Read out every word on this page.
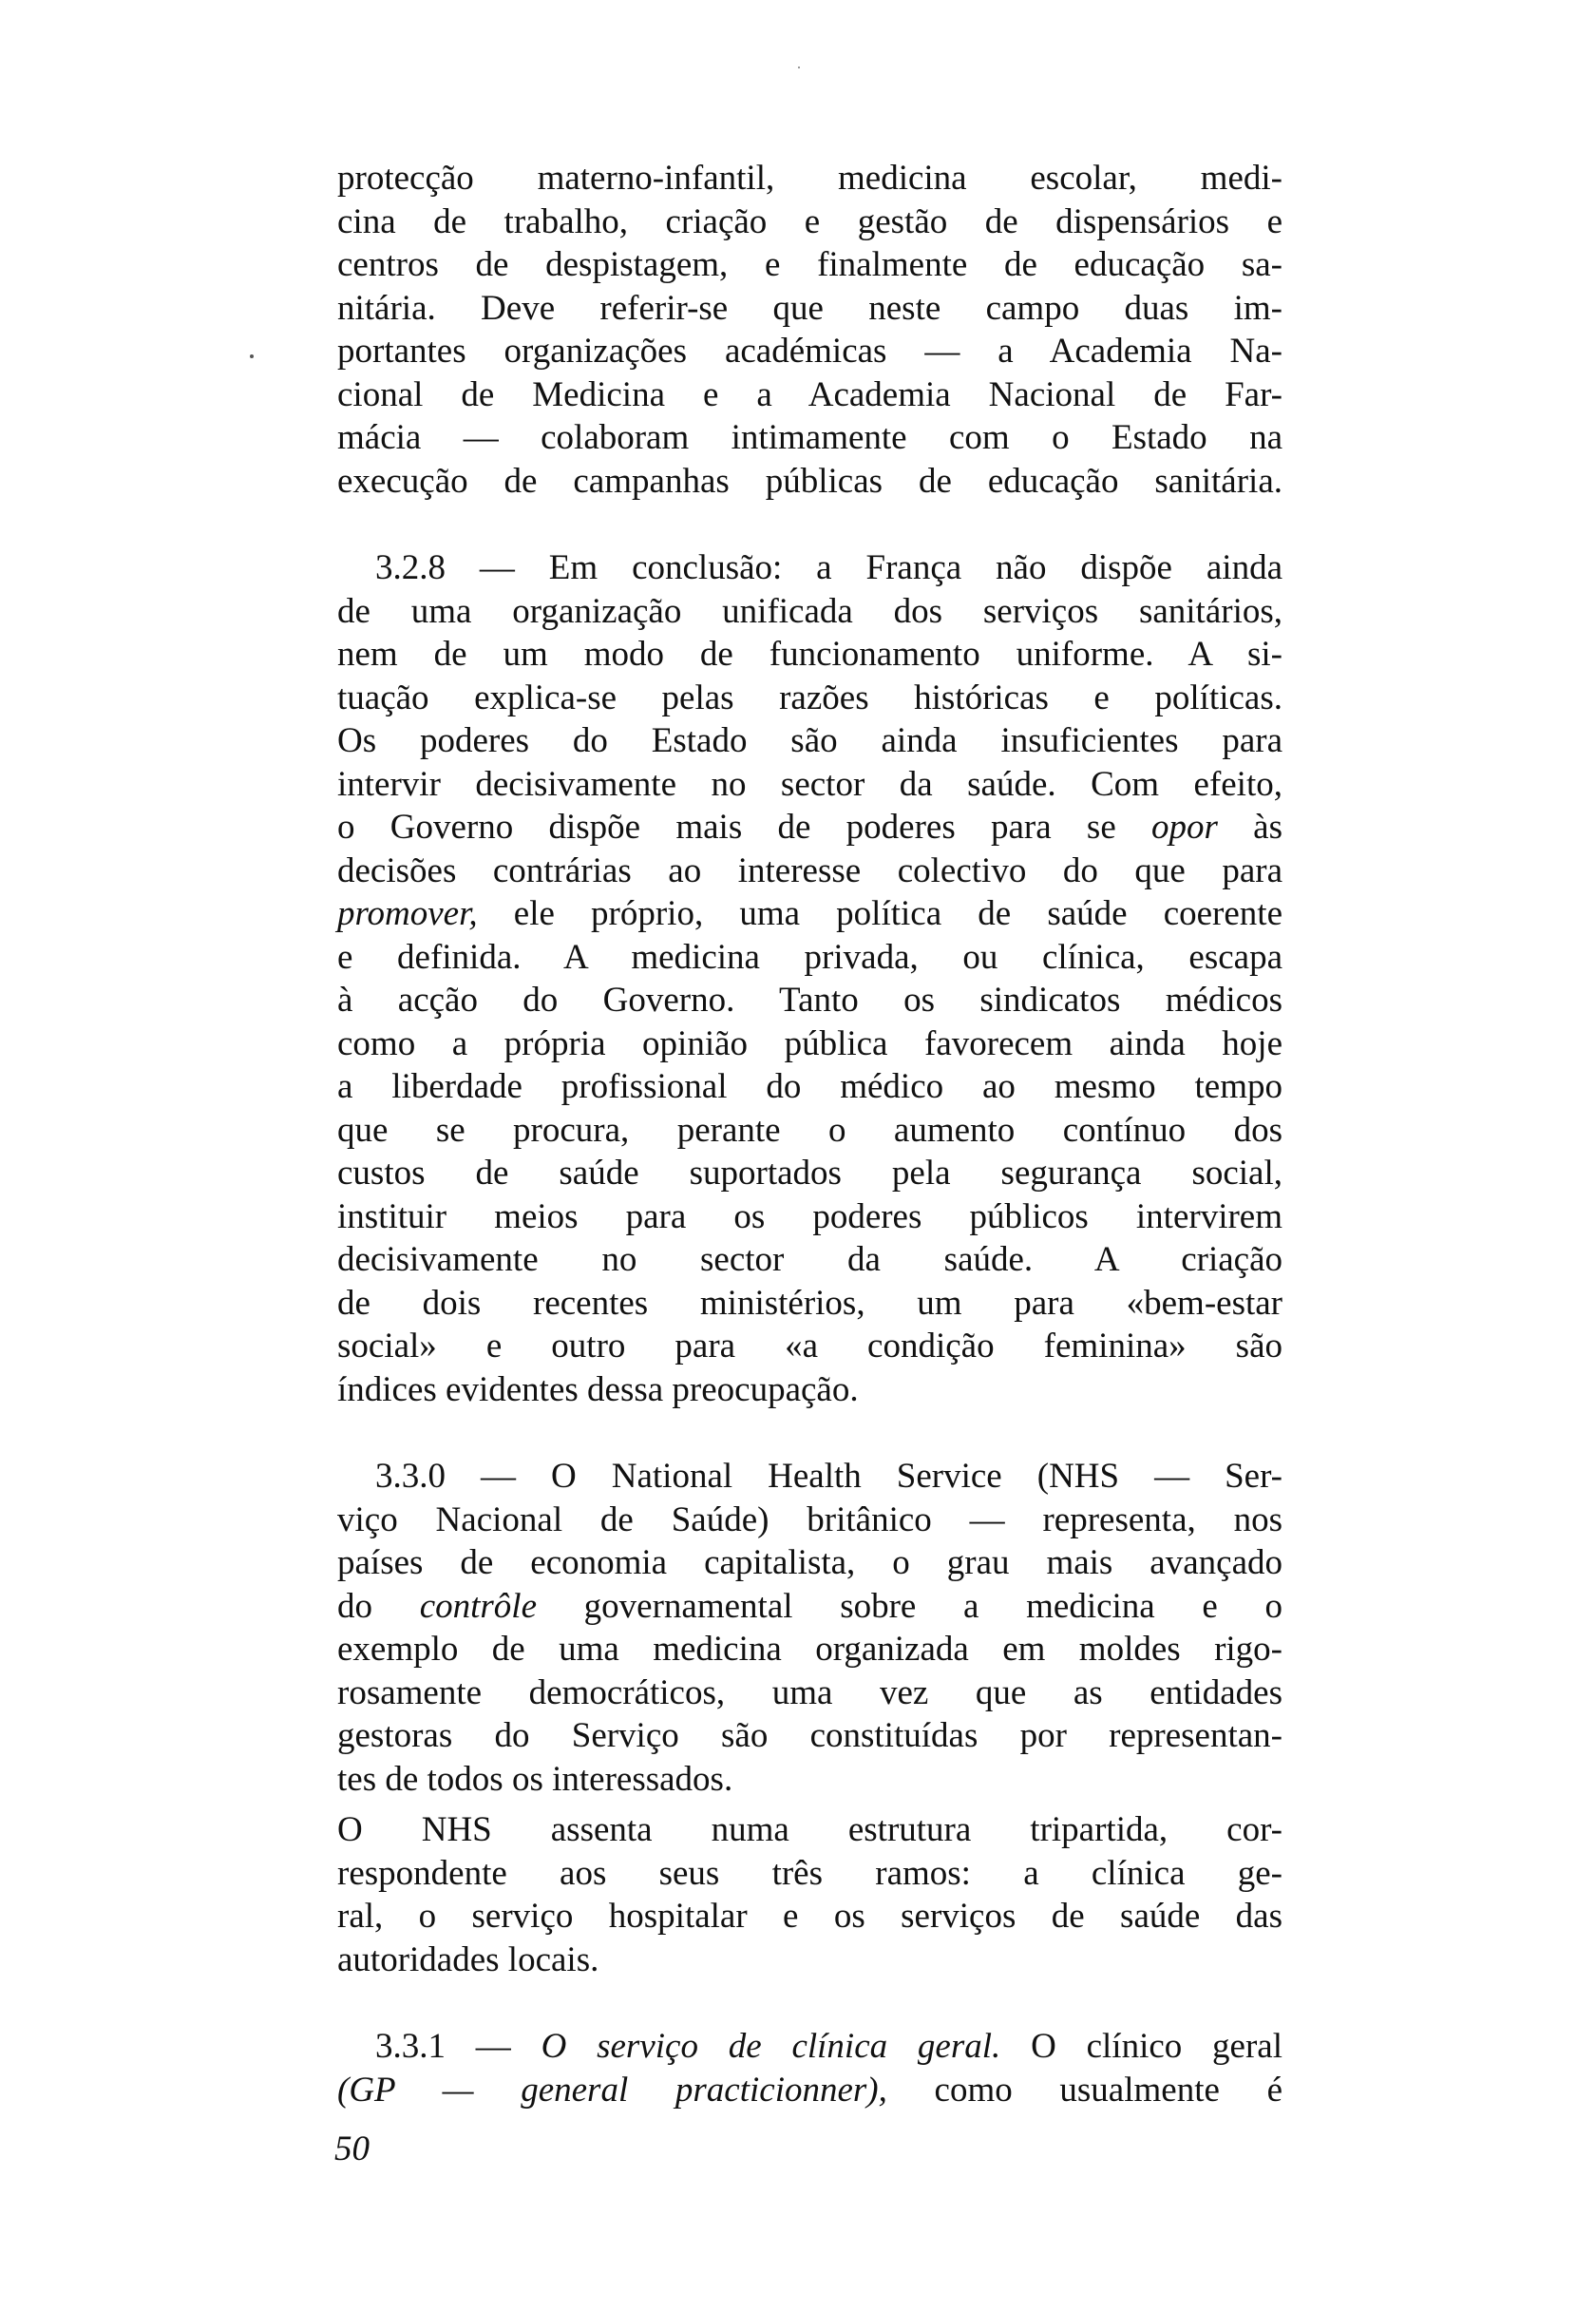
protecção materno-infantil, medicina escolar, medi-
cina de trabalho, criação e gestão de dispensários e
centros de despistagem, e finalmente de educação sa-
nitária. Deve referir-se que neste campo duas im-
portantes organizações académicas — a Academia Na-
cional de Medicina e a Academia Nacional de Far-
mácia — colaboram intimamente com o Estado na
execução de campanhas públicas de educação sanitária.
3.2.8 — Em conclusão: a França não dispõe ainda
de uma organização unificada dos serviços sanitários,
nem de um modo de funcionamento uniforme. A si-
tuação explica-se pelas razões históricas e políticas.
Os poderes do Estado são ainda insuficientes para
intervir decisivamente no sector da saúde. Com efeito,
o Governo dispõe mais de poderes para se opor às
decisões contrárias ao interesse colectivo do que para
promover, ele próprio, uma política de saúde coerente
e definida. A medicina privada, ou clínica, escapa
à acção do Governo. Tanto os sindicatos médicos
como a própria opinião pública favorecem ainda hoje
a liberdade profissional do médico ao mesmo tempo
que se procura, perante o aumento contínuo dos
custos de saúde suportados pela segurança social,
instituir meios para os poderes públicos intervirem
decisivamente no sector da saúde. A criação
de dois recentes ministérios, um para «bem-estar
social» e outro para «a condição feminina» são
índices evidentes dessa preocupação.
3.3.0 — O National Health Service (NHS — Ser-
viço Nacional de Saúde) britânico — representa, nos
países de economia capitalista, o grau mais avançado
do contrôle governamental sobre a medicina e o
exemplo de uma medicina organizada em moldes rigo-
rosamente democráticos, uma vez que as entidades
gestoras do Serviço são constituídas por representan-
tes de todos os interessados.
O NHS assenta numa estrutura tripartida, cor-
respondente aos seus três ramos: a clínica ge-
ral, o serviço hospitalar e os serviços de saúde das
autoridades locais.
3.3.1 — O serviço de clínica geral. O clínico geral
(GP — general practicionner), como usualmente é
50
